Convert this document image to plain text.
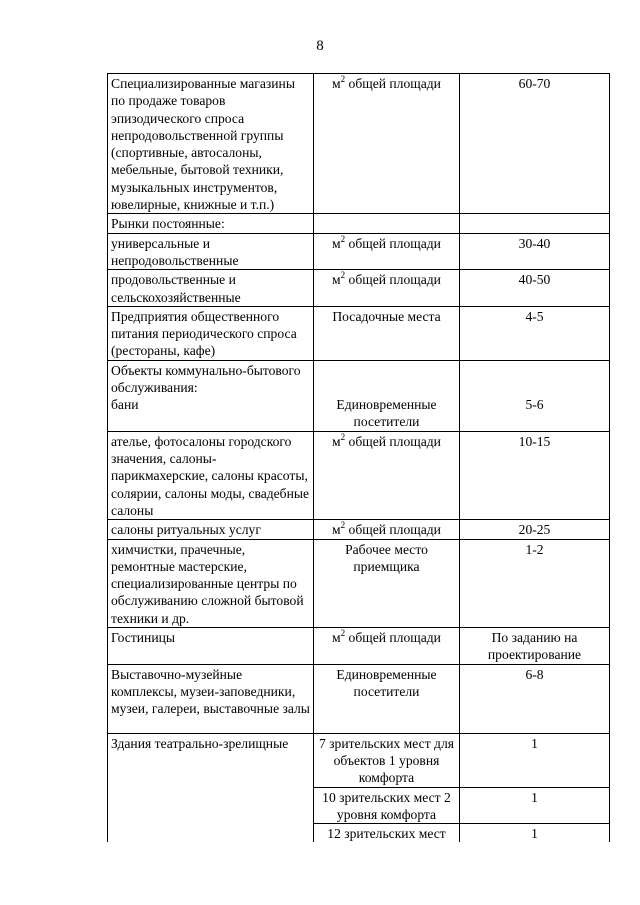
8
Специализированные магазины по продаже товаров эпизодического спроса непродовольственной группы (спортивные, автосалоны, мебельные, бытовой техники, музыкальных инструментов, ювелирные, книжные и т.п.)	$м^2$ общей площади	60-70
Рынки постоянные:		
универсальные и непродовольственные	$м^2$ общей площади	30-40
продовольственные и сельскохозяйственные	$м^2$ общей площади	40-50
Предприятия общественного питания периодического спроса (рестораны, кафе)	Посадочные места	4-5

Объекты коммунально-бытового обслуживания:
бани	Единовременные посетители	5-6
ателье, фотосалоны городского значения, салоны-парикмахерские, салоны красоты, солярии, салоны моды, свадебные салоны	$м^2$ общей площади	10-15
салоны ритуальных услуг	$м^2$ общей площади	20-25
химчистки, прачечные, ремонтные мастерские, специализированные центры по обслуживанию сложной бытовой техники и др.	Рабочее место приемщика	1-2
Гостиницы	$м^2$ общей площади	По заданию на проектирование
Выставочно-музейные комплексы, музеи-заповедники, музеи, галереи, выставочные залы	Единовременные посетители	6-8
Здания театрально-зрелищные	7 зрительских мест для объектов 1 уровня комфорта	1
	10 зрительских мест 2 уровня комфорта	1
	12 зрительских мест	1
